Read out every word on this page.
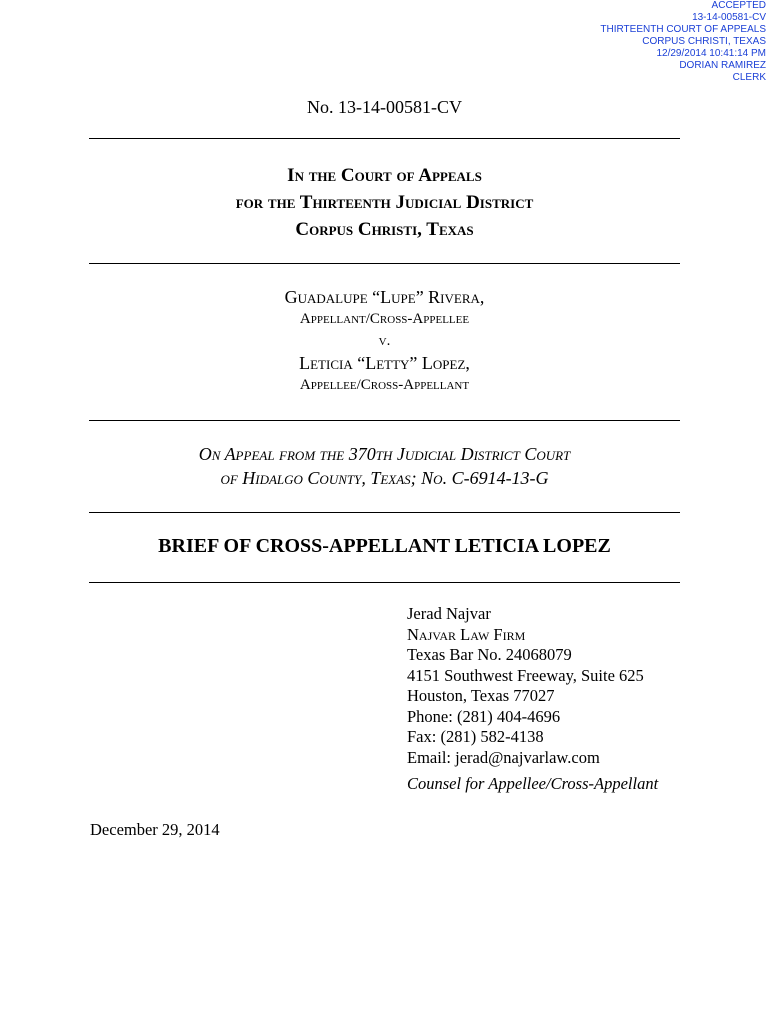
ACCEPTED
13-14-00581-CV
THIRTEENTH COURT OF APPEALS
CORPUS CHRISTI, TEXAS
12/29/2014 10:41:14 PM
DORIAN RAMIREZ
CLERK
No. 13-14-00581-CV
In the Court of Appeals
for the Thirteenth Judicial District
Corpus Christi, Texas
Guadalupe “Lupe” Rivera,
Appellant/Cross-Appellee
v.
Leticia “Letty” Lopez,
Appellee/Cross-Appellant
On Appeal from the 370th Judicial District Court
of Hidalgo County, Texas; No. C-6914-13-G
BRIEF OF CROSS-APPELLANT LETICIA LOPEZ
Jerad Najvar
Najvar Law Firm
Texas Bar No. 24068079
4151 Southwest Freeway, Suite 625
Houston, Texas 77027
Phone: (281) 404-4696
Fax: (281) 582-4138
Email: jerad@najvarlaw.com
Counsel for Appellee/Cross-Appellant
December 29, 2014
